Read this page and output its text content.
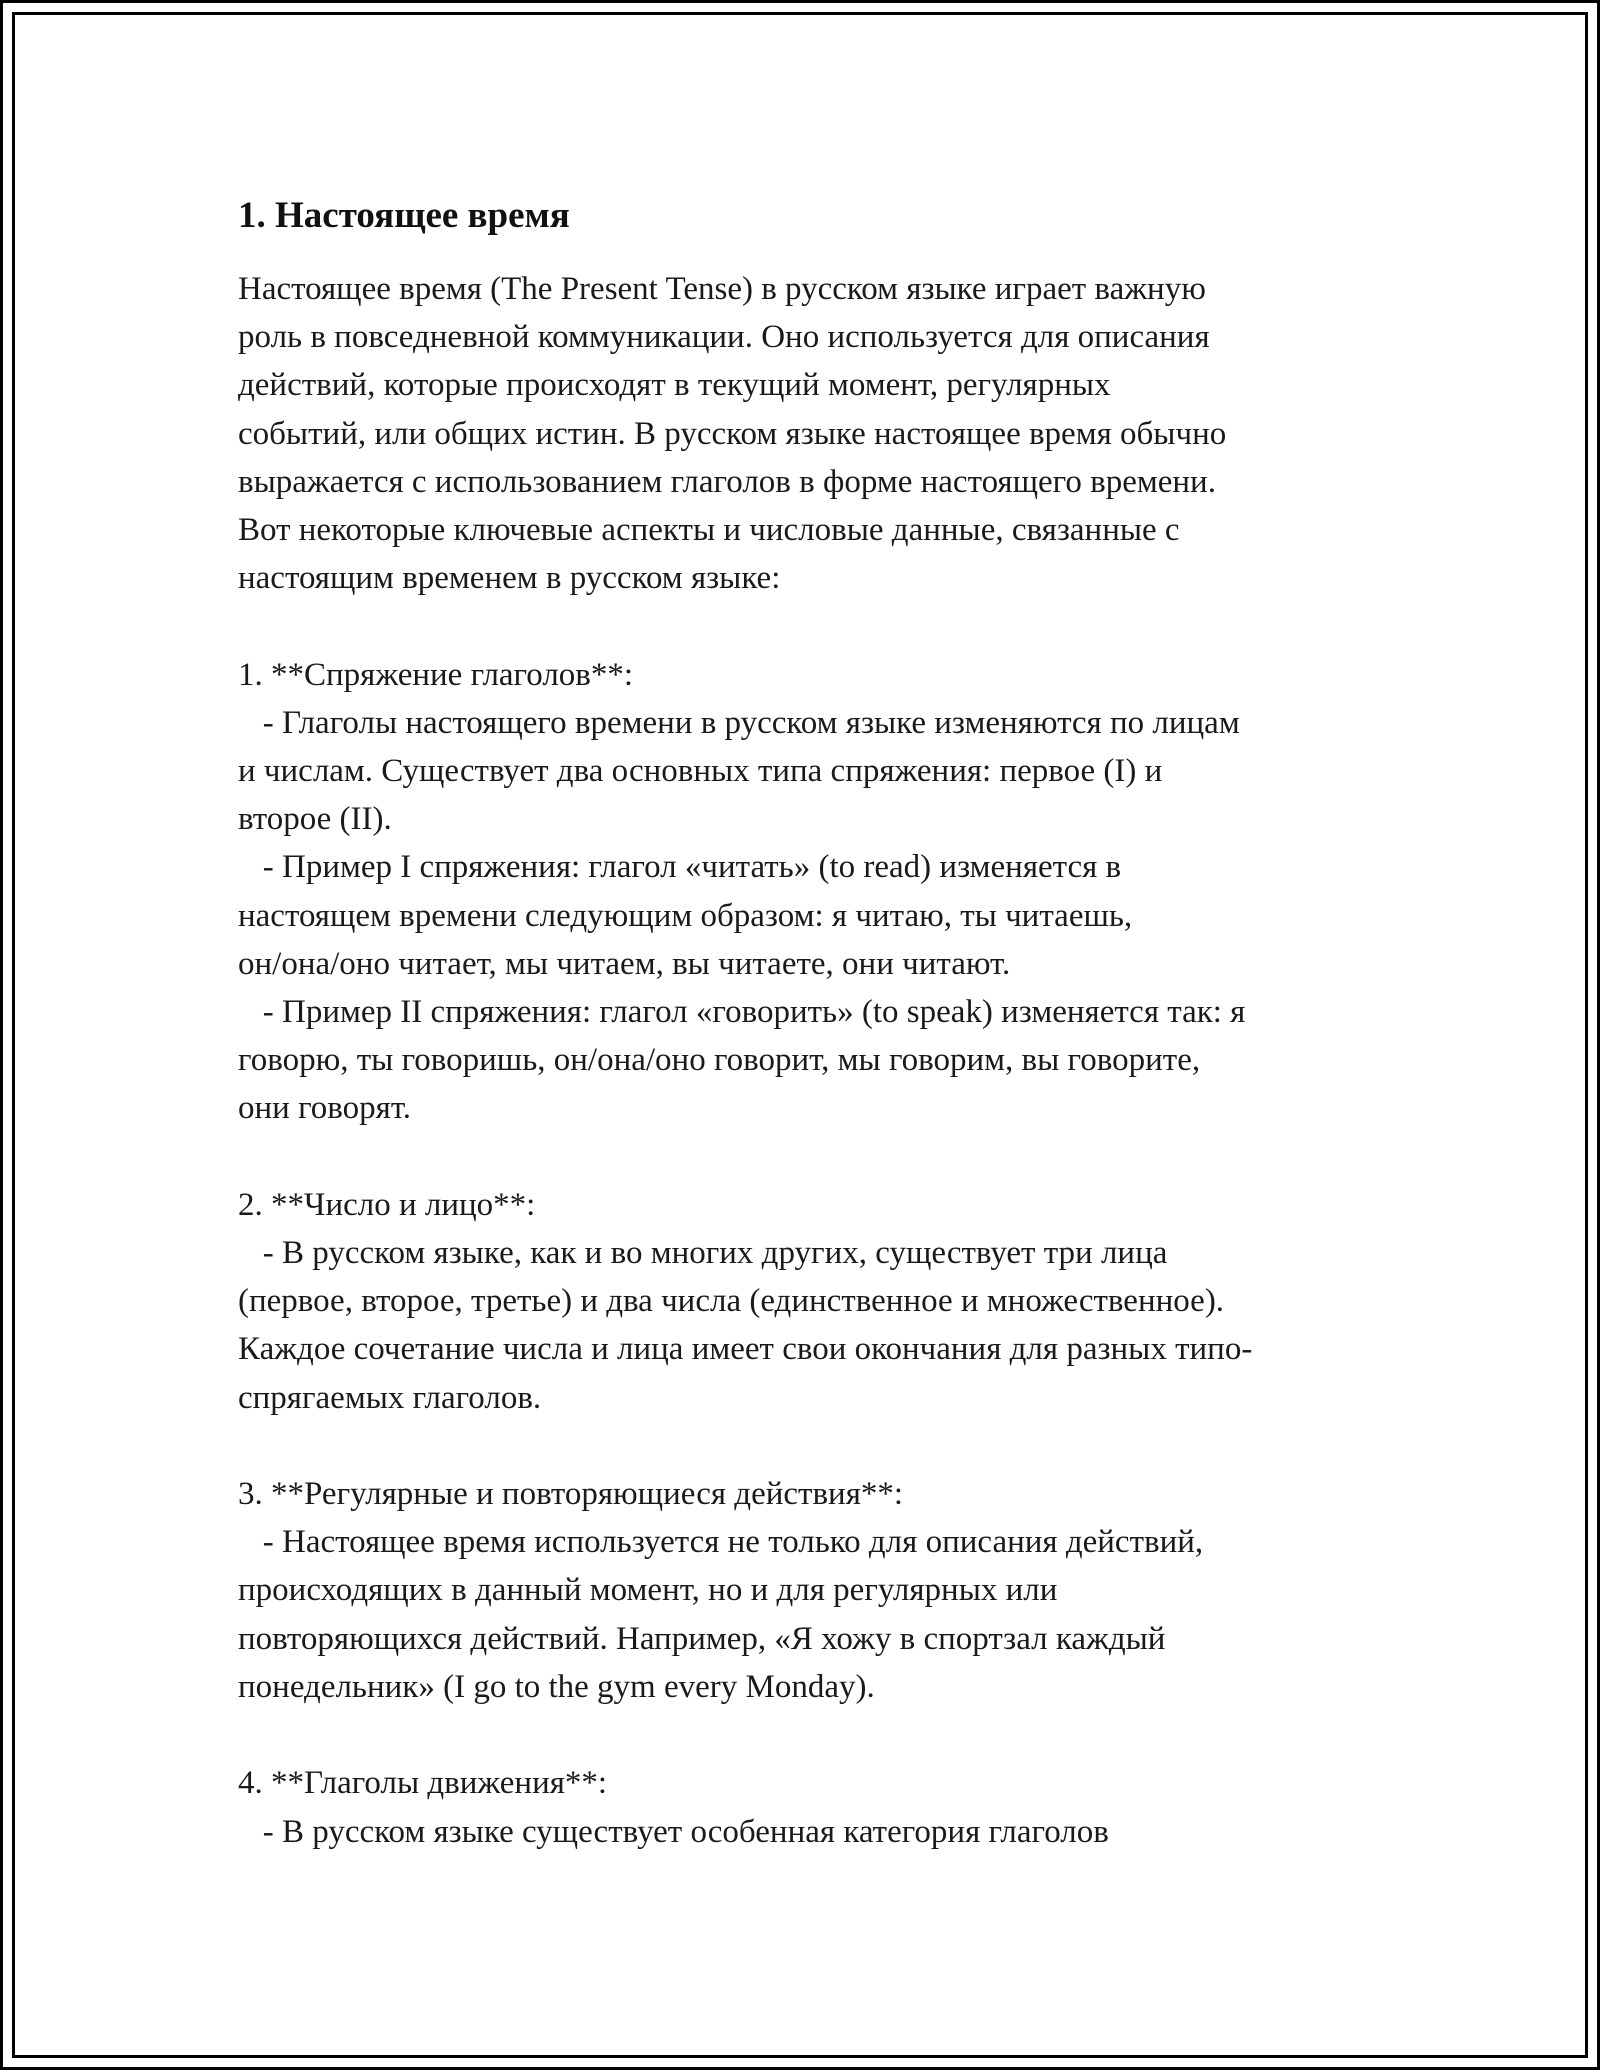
1. Настоящее время

Настоящее время (The Present Tense) в русском языке играет важную
роль в повседневной коммуникации. Оно используется для описания
действий, которые происходят в текущий момент, регулярных
событий, или общих истин. В русском языке настоящее время обычно
выражается с использованием глаголов в форме настоящего времени.
Вот некоторые ключевые аспекты и числовые данные, связанные с
настоящим временем в русском языке:

1. **Спряжение глаголов**:
- Глаголы настоящего времени в русском языке изменяются по лицам
и числам. Существует два основных типа спряжения: первое (I) и
второе (II).
- Пример I спряжения: глагол «читать» (to read) изменяется в
настоящем времени следующим образом: я читаю, ты читаешь,
он/она/оно читает, мы читаем, вы читаете, они читают.
- Пример II спряжения: глагол «говорить» (to speak) изменяется так: я
говорю, ты говоришь, он/она/оно говорит, мы говорим, вы говорите,
они говорят.

2. **Число и лицо**:
- В русском языке, как и во многих других, существует три лица
(первое, второе, третье) и два числа (единственное и множественное).
Каждое сочетание числа и лица имеет свои окончания для разных типо-
спрягаемых глаголов.

3. **Регулярные и повторяющиеся действия**:
- Настоящее время используется не только для описания действий,
происходящих в данный момент, но и для регулярных или
повторяющихся действий. Например, «Я хожу в спортзал каждый
понедельник» (I go to the gym every Monday).

4. **Глаголы движения**:
- В русском языке существует особенная категория глаголов
